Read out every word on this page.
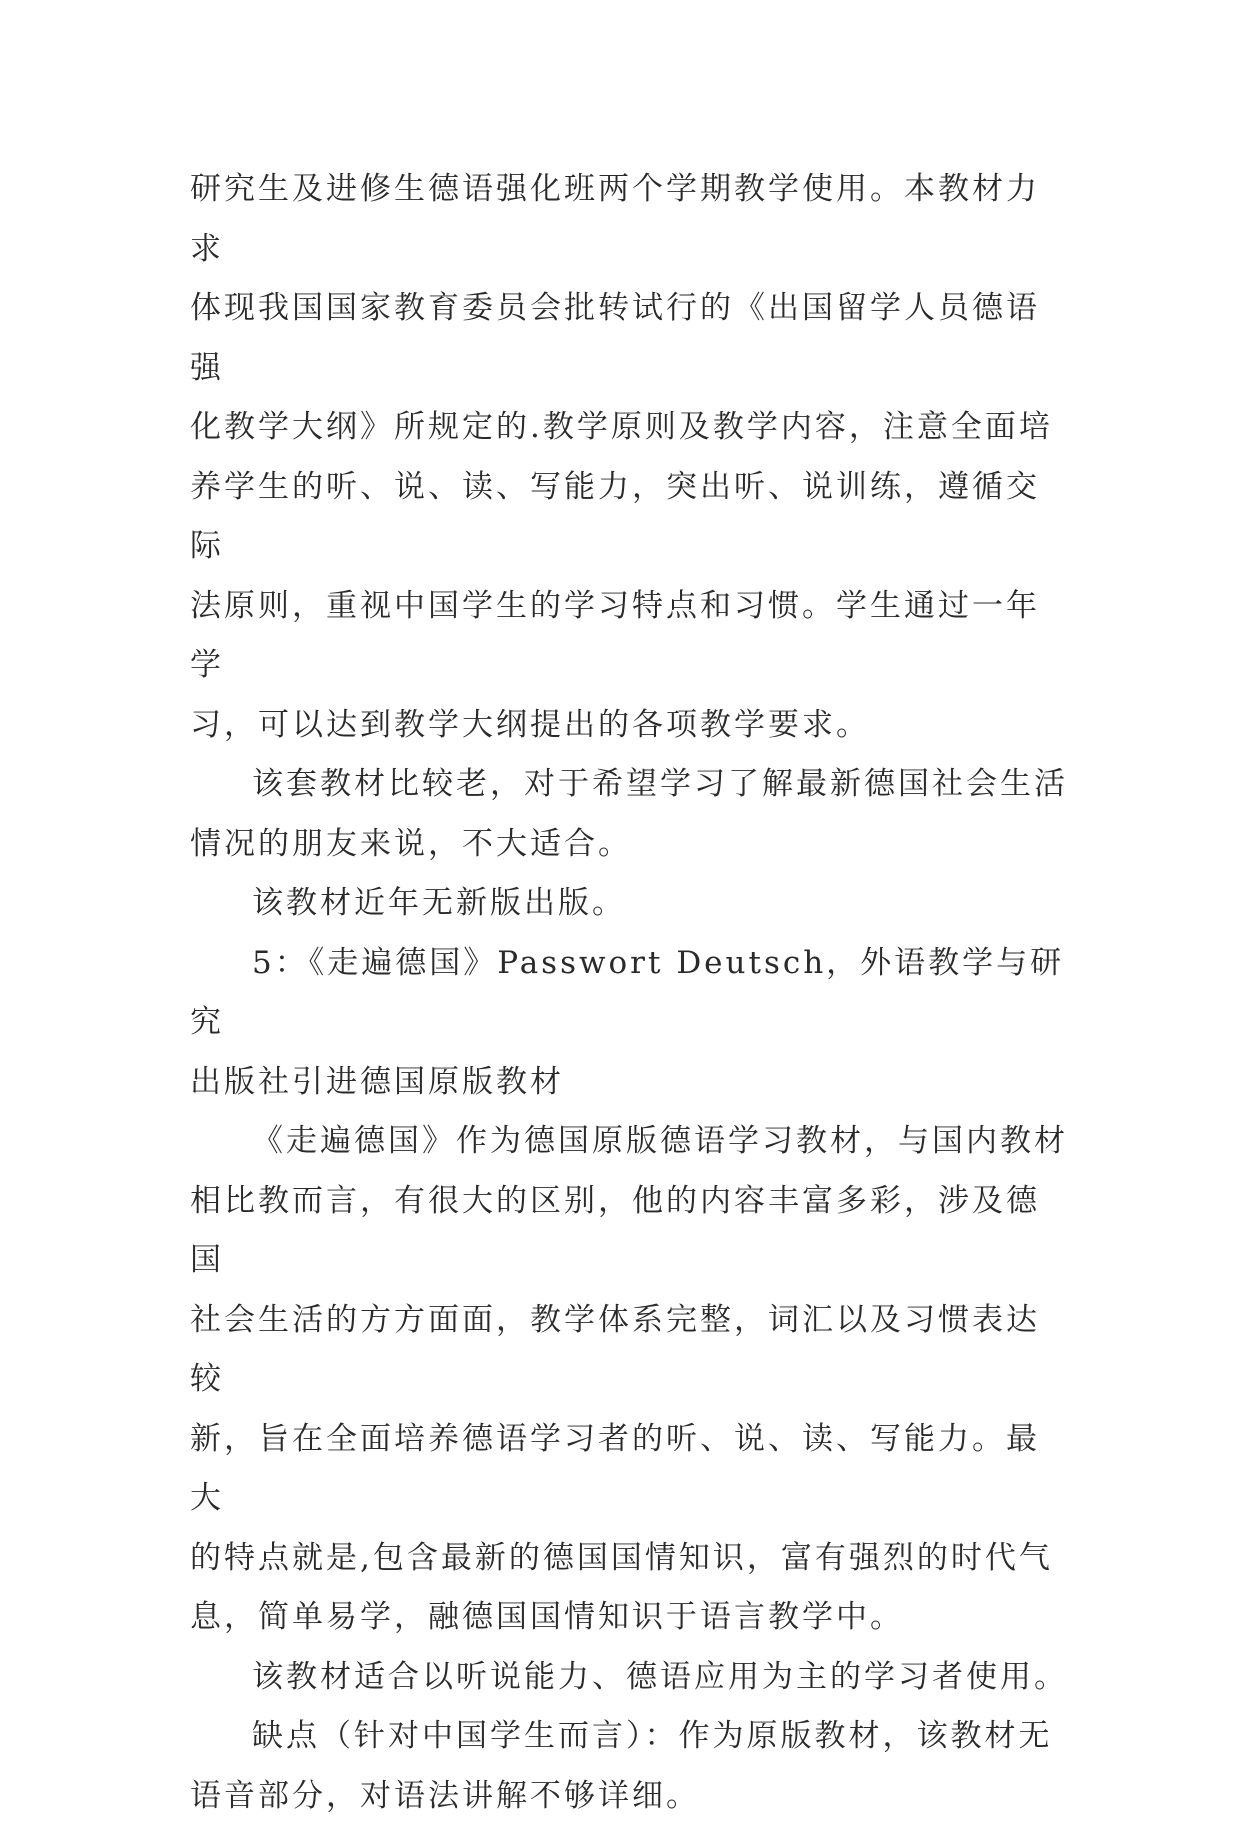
研究生及进修生德语强化班两个学期教学使用。本教材力求
体现我国国家教育委员会批转试行的《出国留学人员德语强
化教学大纲》所规定的.教学原则及教学内容，注意全面培
养学生的听、说、读、写能力，突出听、说训练，遵循交际
法原则，重视中国学生的学习特点和习惯。学生通过一年学
习，可以达到教学大纲提出的各项教学要求。

该套教材比较老，对于希望学习了解最新德国社会生活
情况的朋友来说，不大适合。

该教材近年无新版出版。

5：《走遍德国》Passwort Deutsch，外语教学与研究
出版社引进德国原版教材

《走遍德国》作为德国原版德语学习教材，与国内教材
相比教而言，有很大的区别，他的内容丰富多彩，涉及德国
社会生活的方方面面，教学体系完整，词汇以及习惯表达较
新，旨在全面培养德语学习者的听、说、读、写能力。最大
的特点就是,包含最新的德国国情知识，富有强烈的时代气
息，简单易学，融德国国情知识于语言教学中。

该教材适合以听说能力、德语应用为主的学习者使用。

缺点（针对中国学生而言）：作为原版教材，该教材无
语音部分，对语法讲解不够详细。
